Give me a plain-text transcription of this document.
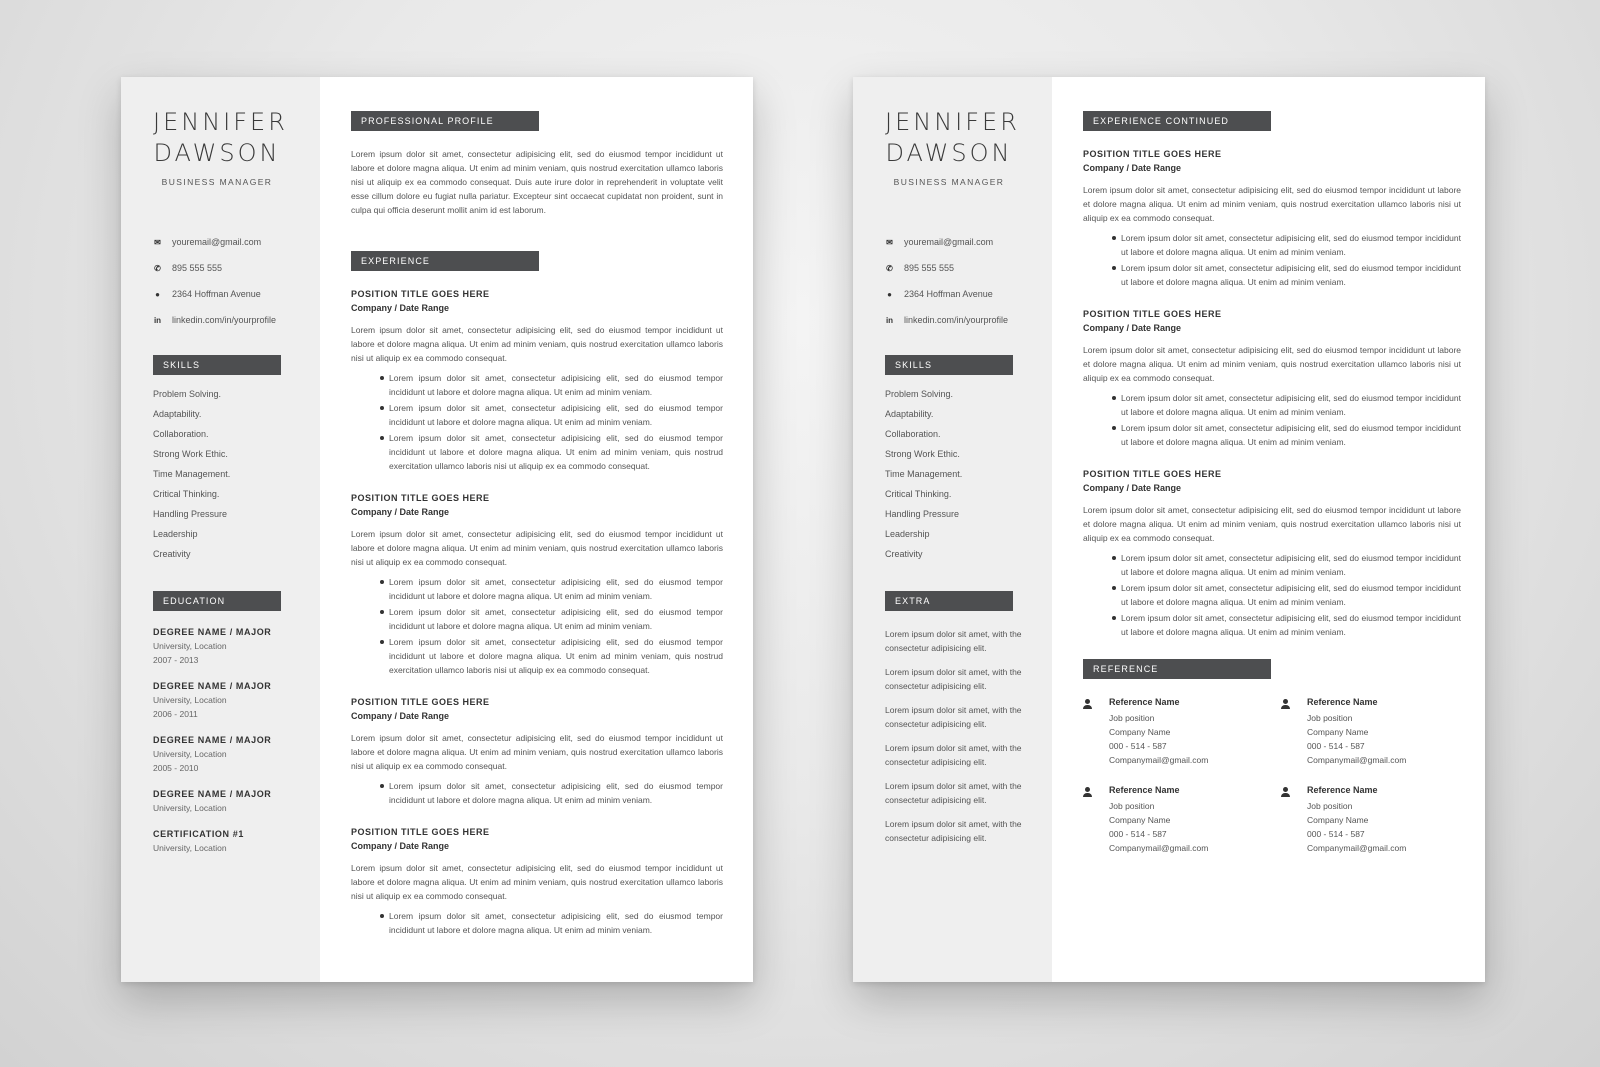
JENNIFER
DAWSON
BUSINESS MANAGER
✉ youremail@gmail.com
✆ 895 555 555
● 2364 Hoffman Avenue
in linkedin.com/in/yourprofile
SKILLS
Problem Solving.
Adaptability.
Collaboration.
Strong Work Ethic.
Time Management.
Critical Thinking.
Handling Pressure
Leadership
Creativity
EDUCATION
DEGREE NAME / MAJOR
University, Location
2007 - 2013
DEGREE NAME / MAJOR
University, Location
2006 - 2011
DEGREE NAME / MAJOR
University, Location
2005 - 2010
DEGREE NAME / MAJOR
University, Location
CERTIFICATION #1
University, Location
PROFESSIONAL PROFILE

Lorem ipsum dolor sit amet, consectetur adipisicing elit, sed do eiusmod tempor incididunt ut labore et dolore magna aliqua. Ut enim ad minim veniam, quis nostrud exercitation ullamco laboris nisi ut aliquip ex ea commodo consequat. Duis aute irure dolor in reprehenderit in voluptate velit esse cillum dolore eu fugiat nulla pariatur. Excepteur sint occaecat cupidatat non proident, sunt in culpa qui officia deserunt mollit anim id est laborum.

EXPERIENCE
POSITION TITLE GOES HERE
Company / Date Range

Lorem ipsum dolor sit amet, consectetur adipisicing elit, sed do eiusmod tempor incididunt ut labore et dolore magna aliqua. Ut enim ad minim veniam, quis nostrud exercitation ullamco laboris nisi ut aliquip ex ea commodo consequat.

Lorem ipsum dolor sit amet, consectetur adipisicing elit, sed do eiusmod tempor incididunt ut labore et dolore magna aliqua. Ut enim ad minim veniam.
Lorem ipsum dolor sit amet, consectetur adipisicing elit, sed do eiusmod tempor incididunt ut labore et dolore magna aliqua. Ut enim ad minim veniam.
Lorem ipsum dolor sit amet, consectetur adipisicing elit, sed do eiusmod tempor incididunt ut labore et dolore magna aliqua. Ut enim ad minim veniam, quis nostrud exercitation ullamco laboris nisi ut aliquip ex ea commodo consequat.
POSITION TITLE GOES HERE
Company / Date Range

Lorem ipsum dolor sit amet, consectetur adipisicing elit, sed do eiusmod tempor incididunt ut labore et dolore magna aliqua. Ut enim ad minim veniam, quis nostrud exercitation ullamco laboris nisi ut aliquip ex ea commodo consequat.

Lorem ipsum dolor sit amet, consectetur adipisicing elit, sed do eiusmod tempor incididunt ut labore et dolore magna aliqua. Ut enim ad minim veniam.
Lorem ipsum dolor sit amet, consectetur adipisicing elit, sed do eiusmod tempor incididunt ut labore et dolore magna aliqua. Ut enim ad minim veniam.
Lorem ipsum dolor sit amet, consectetur adipisicing elit, sed do eiusmod tempor incididunt ut labore et dolore magna aliqua. Ut enim ad minim veniam, quis nostrud exercitation ullamco laboris nisi ut aliquip ex ea commodo consequat.
POSITION TITLE GOES HERE
Company / Date Range

Lorem ipsum dolor sit amet, consectetur adipisicing elit, sed do eiusmod tempor incididunt ut labore et dolore magna aliqua. Ut enim ad minim veniam, quis nostrud exercitation ullamco laboris nisi ut aliquip ex ea commodo consequat.

Lorem ipsum dolor sit amet, consectetur adipisicing elit, sed do eiusmod tempor incididunt ut labore et dolore magna aliqua. Ut enim ad minim veniam.
POSITION TITLE GOES HERE
Company / Date Range

Lorem ipsum dolor sit amet, consectetur adipisicing elit, sed do eiusmod tempor incididunt ut labore et dolore magna aliqua. Ut enim ad minim veniam, quis nostrud exercitation ullamco laboris nisi ut aliquip ex ea commodo consequat.

Lorem ipsum dolor sit amet, consectetur adipisicing elit, sed do eiusmod tempor incididunt ut labore et dolore magna aliqua. Ut enim ad minim veniam.
JENNIFER
DAWSON
BUSINESS MANAGER
✉ youremail@gmail.com
✆ 895 555 555
● 2364 Hoffman Avenue
in linkedin.com/in/yourprofile
SKILLS
Problem Solving.
Adaptability.
Collaboration.
Strong Work Ethic.
Time Management.
Critical Thinking.
Handling Pressure
Leadership
Creativity
EXTRA
Lorem ipsum dolor sit amet, with the consectetur adipisicing elit.
Lorem ipsum dolor sit amet, with the consectetur adipisicing elit.
Lorem ipsum dolor sit amet, with the consectetur adipisicing elit.
Lorem ipsum dolor sit amet, with the consectetur adipisicing elit.
Lorem ipsum dolor sit amet, with the consectetur adipisicing elit.
Lorem ipsum dolor sit amet, with the consectetur adipisicing elit.
EXPERIENCE CONTINUED
POSITION TITLE GOES HERE
Company / Date Range

Lorem ipsum dolor sit amet, consectetur adipisicing elit, sed do eiusmod tempor incididunt ut labore et dolore magna aliqua. Ut enim ad minim veniam, quis nostrud exercitation ullamco laboris nisi ut aliquip ex ea commodo consequat.

Lorem ipsum dolor sit amet, consectetur adipisicing elit, sed do eiusmod tempor incididunt ut labore et dolore magna aliqua. Ut enim ad minim veniam.
Lorem ipsum dolor sit amet, consectetur adipisicing elit, sed do eiusmod tempor incididunt ut labore et dolore magna aliqua. Ut enim ad minim veniam.
POSITION TITLE GOES HERE
Company / Date Range

Lorem ipsum dolor sit amet, consectetur adipisicing elit, sed do eiusmod tempor incididunt ut labore et dolore magna aliqua. Ut enim ad minim veniam, quis nostrud exercitation ullamco laboris nisi ut aliquip ex ea commodo consequat.

Lorem ipsum dolor sit amet, consectetur adipisicing elit, sed do eiusmod tempor incididunt ut labore et dolore magna aliqua. Ut enim ad minim veniam.
Lorem ipsum dolor sit amet, consectetur adipisicing elit, sed do eiusmod tempor incididunt ut labore et dolore magna aliqua. Ut enim ad minim veniam.
POSITION TITLE GOES HERE
Company / Date Range

Lorem ipsum dolor sit amet, consectetur adipisicing elit, sed do eiusmod tempor incididunt ut labore et dolore magna aliqua. Ut enim ad minim veniam, quis nostrud exercitation ullamco laboris nisi ut aliquip ex ea commodo consequat.

Lorem ipsum dolor sit amet, consectetur adipisicing elit, sed do eiusmod tempor incididunt ut labore et dolore magna aliqua. Ut enim ad minim veniam.
Lorem ipsum dolor sit amet, consectetur adipisicing elit, sed do eiusmod tempor incididunt ut labore et dolore magna aliqua. Ut enim ad minim veniam.
Lorem ipsum dolor sit amet, consectetur adipisicing elit, sed do eiusmod tempor incididunt ut labore et dolore magna aliqua. Ut enim ad minim veniam.
REFERENCE
Reference Name
Job position
Company Name
000 - 514 - 587
Companymail@gmail.com
Reference Name
Job position
Company Name
000 - 514 - 587
Companymail@gmail.com
Reference Name
Job position
Company Name
000 - 514 - 587
Companymail@gmail.com
Reference Name
Job position
Company Name
000 - 514 - 587
Companymail@gmail.com
